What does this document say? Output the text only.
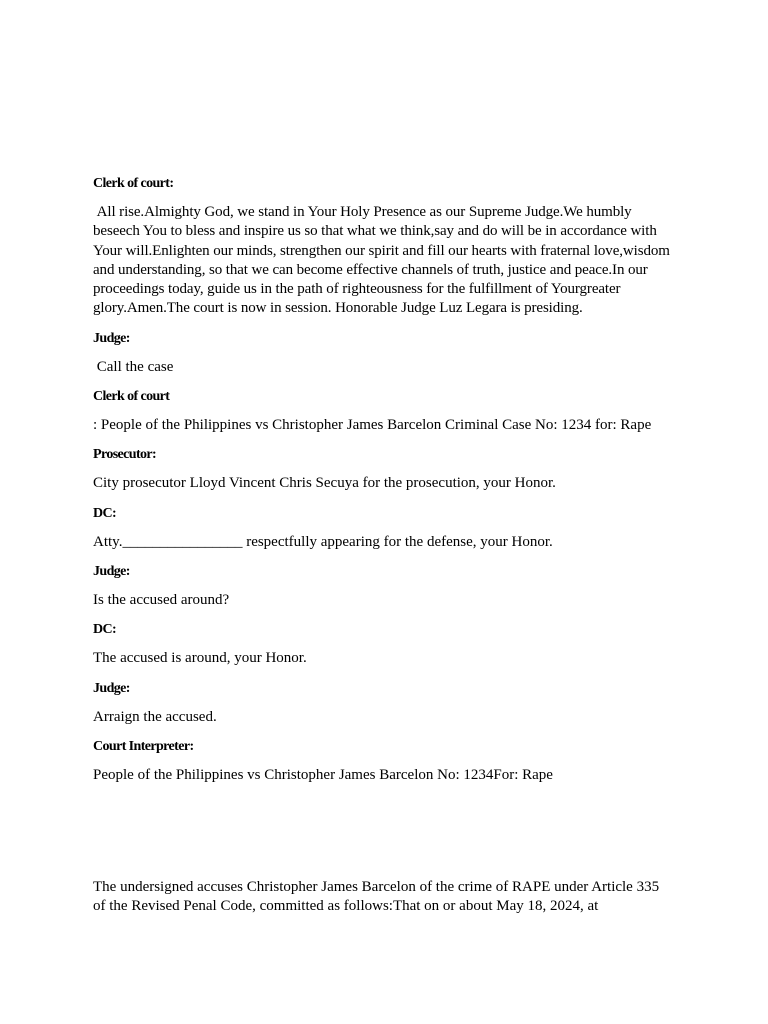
Clerk of court:
All rise.Almighty God, we stand in Your Holy Presence as our Supreme Judge.We humbly beseech You to bless and inspire us so that what we think,say and do will be in accordance with Your will.Enlighten our minds, strengthen our spirit and fill our hearts with fraternal love,wisdom and understanding, so that we can become effective channels of truth, justice and peace.In our proceedings today, guide us in the path of righteousness for the fulfillment of Yourgreater glory.Amen.The court is now in session. Honorable Judge Luz Legara is presiding.
Judge:
Call the case
Clerk of court
: People of the Philippines vs Christopher James Barcelon Criminal Case No: 1234 for: Rape
Prosecutor:
City prosecutor Lloyd Vincent Chris Secuya for the prosecution, your Honor.
DC:
Atty.________________ respectfully appearing for the defense, your Honor.
Judge:
Is the accused around?
DC:
The accused is around, your Honor.
Judge:
Arraign the accused.
Court Interpreter:
People of the Philippines vs Christopher James Barcelon No: 1234For: Rape
The undersigned accuses Christopher James Barcelon of the crime of RAPE under Article 335 of the Revised Penal Code, committed as follows:That on or about May 18, 2024, at
